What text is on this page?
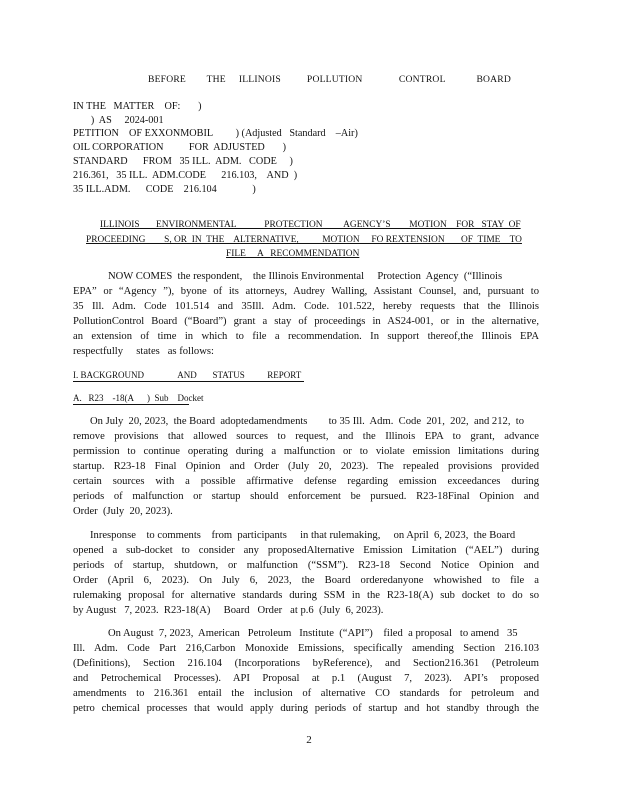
BEFORE        THE     ILLINOIS          POLLUTION              CONTROL            BOARD
IN THE   MATTER    OF:       )
)  AS     2024-001
PETITION    OF EXXONMOBIL         ) (Adjusted   Standard    –Air)
OIL CORPORATION          FOR  ADJUSTED       )
STANDARD      FROM   35 ILL.  ADM.   CODE     )
216.361,   35 ILL.  ADM.CODE      216.103,    AND  )
35 ILL.ADM.      CODE    216.104              )
ILLINOIS       ENVIRONMENTAL            PROTECTION         AGENCY’S        MOTION    FOR   STAY  OF
PROCEEDING        S, OR  IN  THE    ALTERNATIVE,          MOTION     FO REXTENSION       OF  TIME    TO
FILE     A   RECOMMENDATION
NOW COMES  the respondent,    the Illinois Environmental     Protection  Agency  (“Illinois
EPA” or “Agency ”), byone of its attorneys, Audrey Walling, Assistant Counsel, and, pursuant to
35 Ill. Adm. Code 101.514 and 35Ill. Adm. Code. 101.522, hereby requests that the Illinois
PollutionControl Board (“Board”) grant a stay of proceedings in AS24-001, or in the alternative,
an extension of time in which to file a recommendation. In support thereof,the Illinois EPA
respectfully     states   as follows:
I. BACKGROUND               AND       STATUS          REPORT
A.   R23    -18(A      )  Sub    Docket
On July  20, 2023,  the Board  adoptedamendments        to 35 Ill.  Adm.  Code  201,  202,  and 212,  to
remove provisions that allowed sources to request, and the Illinois EPA to grant, advance
permission to continue operating during a malfunction or to violate emission limitations during
startup. R23-18 Final Opinion and Order (July 20, 2023). The repealed provisions provided
certain sources with a possible affirmative defense regarding emission exceedances during
periods of malfunction or startup should enforcement be pursued. R23-18Final Opinion and
Order  (July  20, 2023).
Inresponse    to comments    from  participants     in that rulemaking,     on April  6, 2023,  the Board
opened a sub-docket to consider any proposedAlternative Emission Limitation (“AEL”) during
periods of startup, shutdown, or malfunction (“SSM”). R23-18 Second Notice Opinion and
Order (April 6, 2023). On July 6, 2023, the Board orderedanyone whowished to file a
rulemaking proposal for alternative standards during SSM in the R23-18(A) sub docket to do so
by August   7, 2023.  R23-18(A)     Board   Order   at p.6  (July  6, 2023).
On August  7, 2023,  American   Petroleum   Institute  (“API”)    filed  a proposal   to amend   35
Ill. Adm. Code Part 216,Carbon Monoxide Emissions, specifically amending Section 216.103
(Definitions), Section 216.104 (Incorporations byReference), and Section216.361 (Petroleum
and Petrochemical Processes). API Proposal at p.1 (August 7, 2023). API’s proposed
amendments to 216.361 entail the inclusion of alternative CO standards for petroleum and
petro chemical processes that would apply during periods of startup and hot standby through the
2
